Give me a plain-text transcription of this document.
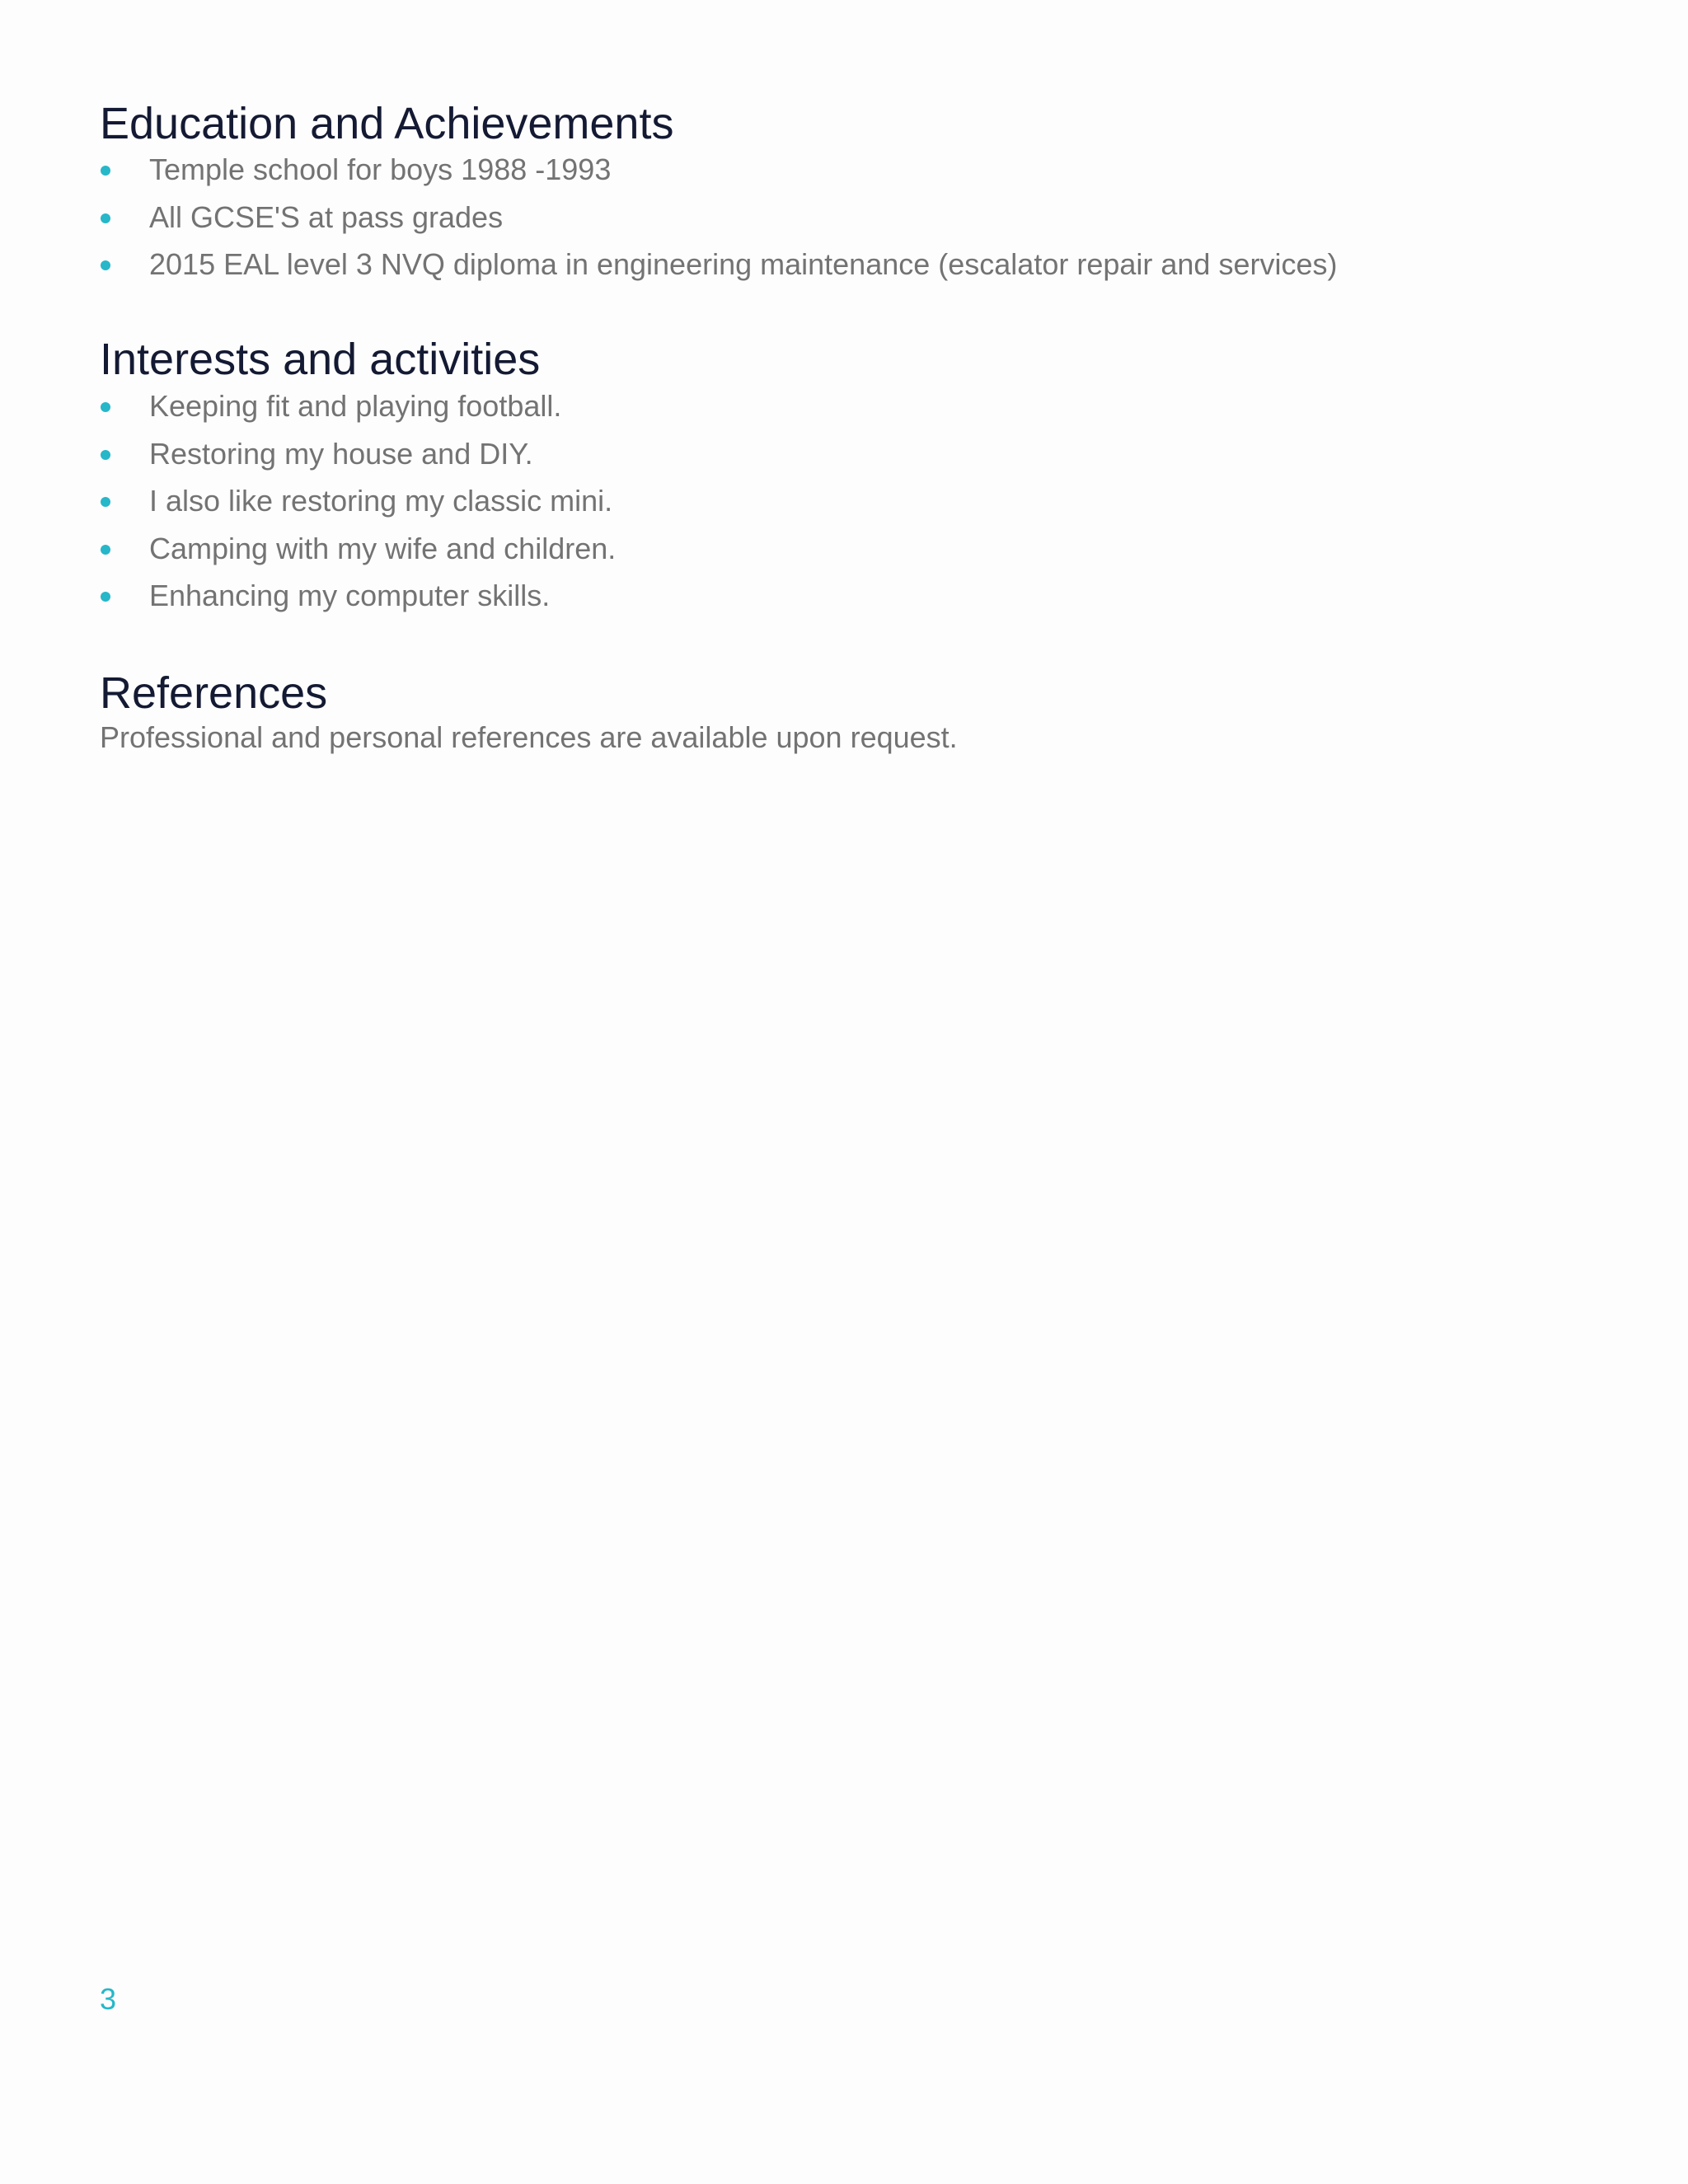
Education and Achievements
Temple school for boys 1988 -1993
All GCSE'S at pass grades
2015 EAL level 3 NVQ diploma in engineering maintenance (escalator repair and services)
Interests and activities
Keeping fit and playing football.
Restoring my house and DIY.
I also like restoring my classic mini.
Camping with my wife and children.
Enhancing my computer skills.
References
Professional and personal references are available upon request.
3
